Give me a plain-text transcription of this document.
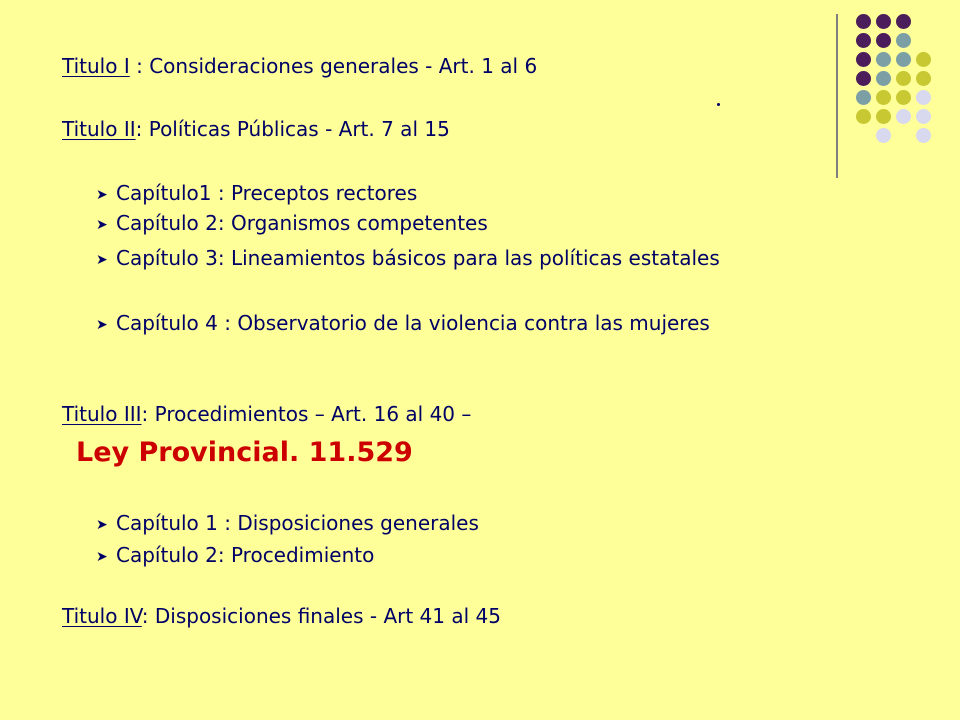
Titulo I : Consideraciones generales - Art. 1 al 6
Titulo II: Políticas Públicas - Art. 7 al 15
➤ Capítulo1 : Preceptos rectores
➤ Capítulo 2: Organismos competentes
➤ Capítulo 3: Lineamientos básicos para las políticas estatales
➤ Capítulo 4 : Observatorio de la violencia contra las mujeres
Titulo III: Procedimientos – Art. 16 al 40 –
Ley Provincial. 11.529
➤ Capítulo 1 : Disposiciones generales
➤ Capítulo 2: Procedimiento
Titulo IV: Disposiciones finales - Art 41 al 45
